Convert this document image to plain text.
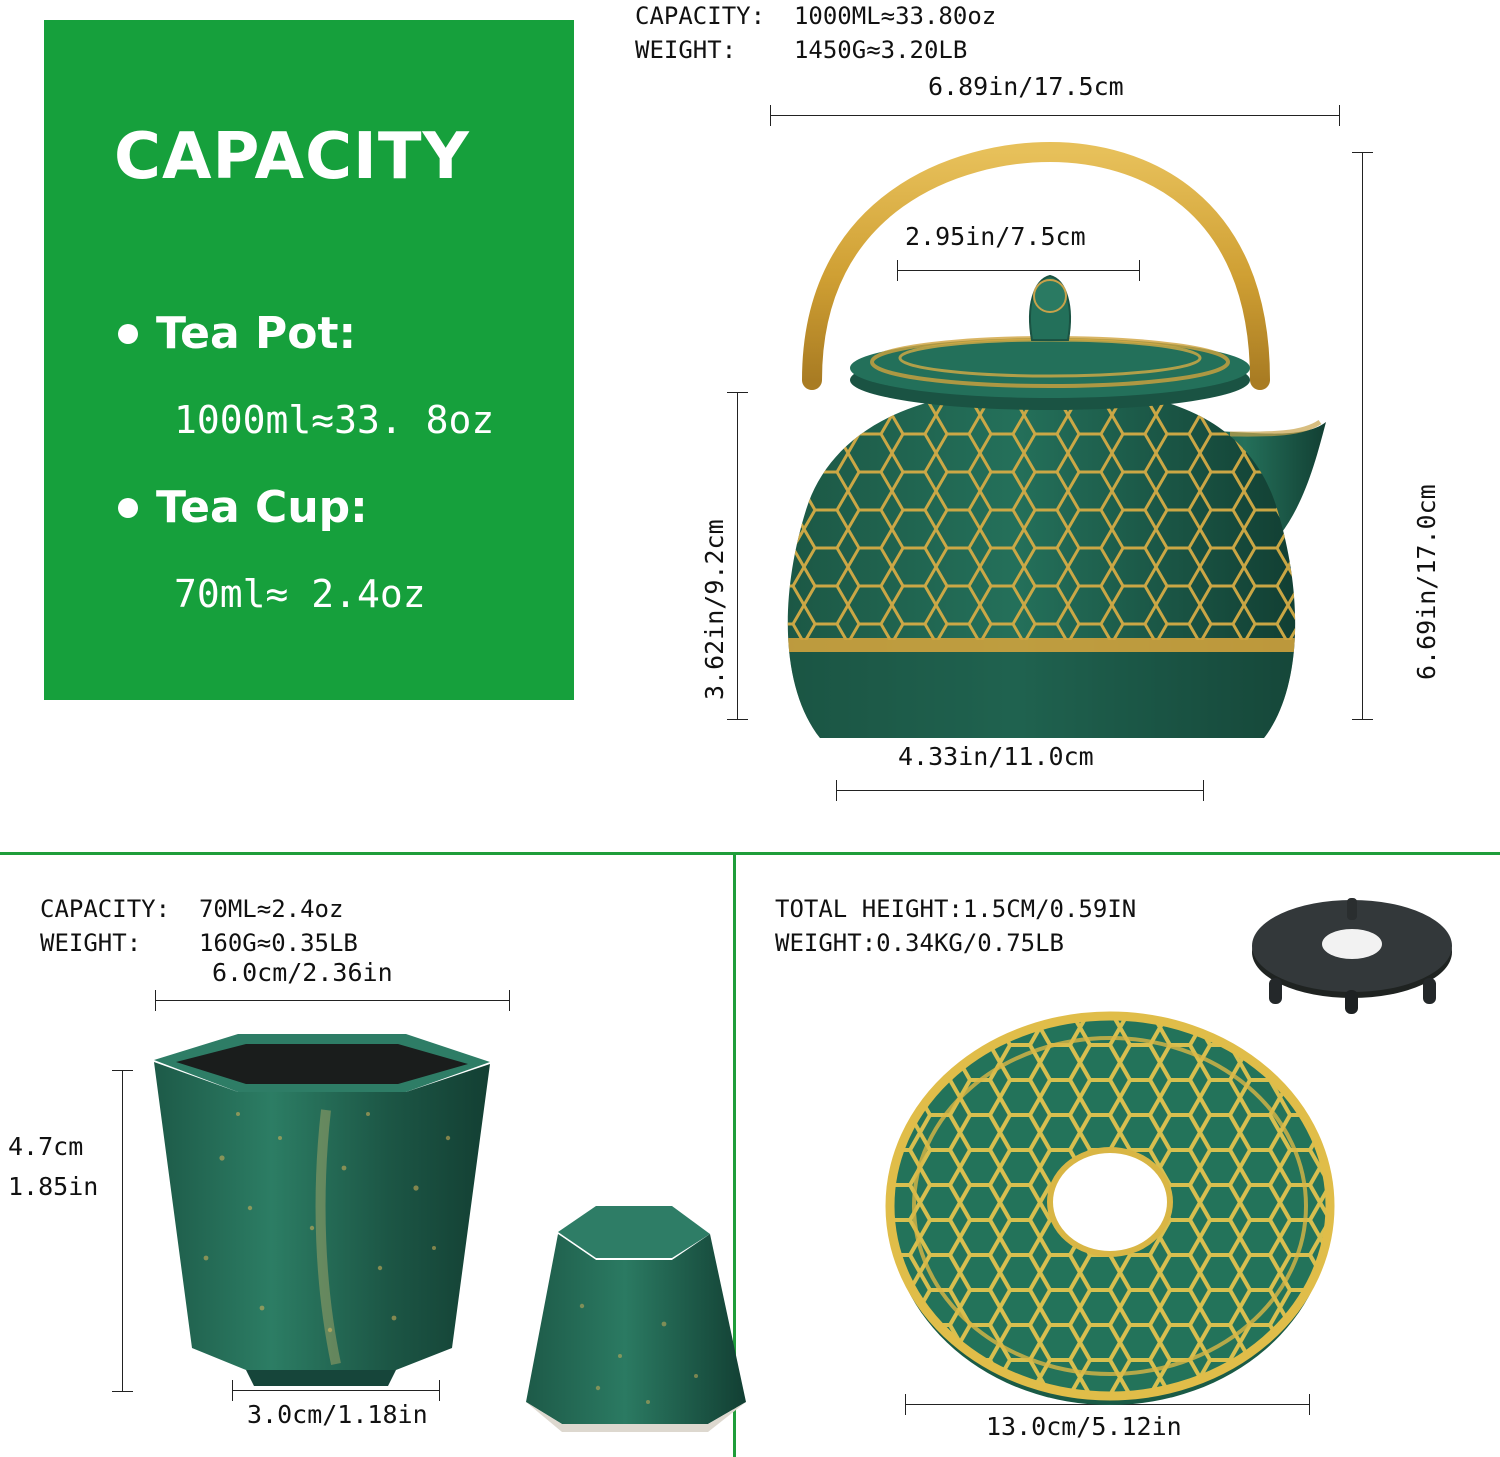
CAPACITY
Tea Pot:
1000ml≈33. 8oz
Tea Cup:
70ml≈ 2.4oz
CAPACITY:  1000ML≈33.80oz
WEIGHT:    1450G≈3.20LB
6.89in/17.5cm
2.95in/7.5cm
3.62in/9.2cm	6.69in/17.0cm
4.33in/11.0cm
CAPACITY:  70ML≈2.4oz
WEIGHT:    160G≈0.35LB
6.0cm/2.36in
4.7cm
1.85in
3.0cm/1.18in
TOTAL HEIGHT:1.5CM/0.59IN
WEIGHT:0.34KG/0.75LB
13.0cm/5.12in
